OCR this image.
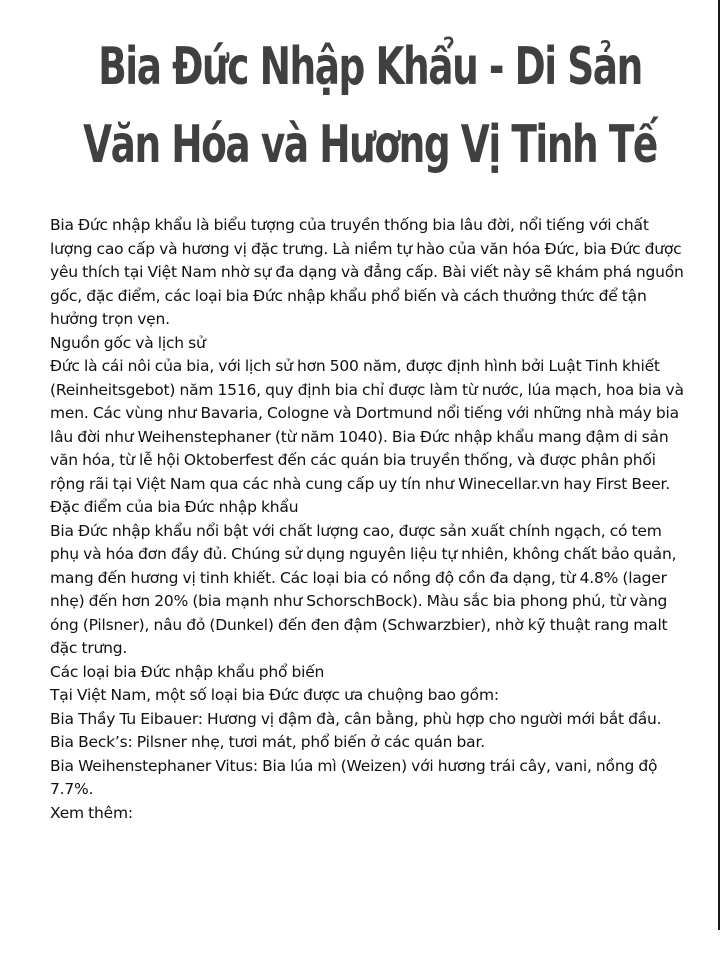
Bia Đức Nhập Khẩu - Di Sản Văn Hóa và Hương Vị Tinh Tế

Bia Đức nhập khẩu là biểu tượng của truyền thống bia lâu đời, nổi tiếng với chất lượng cao cấp và hương vị đặc trưng. Là niềm tự hào của văn hóa Đức, bia Đức được yêu thích tại Việt Nam nhờ sự đa dạng và đẳng cấp. Bài viết này sẽ khám phá nguồn gốc, đặc điểm, các loại bia Đức nhập khẩu phổ biến và cách thưởng thức để tận hưởng trọn vẹn.

Nguồn gốc và lịch sử

Đức là cái nôi của bia, với lịch sử hơn 500 năm, được định hình bởi Luật Tinh khiết (Reinheitsgebot) năm 1516, quy định bia chỉ được làm từ nước, lúa mạch, hoa bia và men. Các vùng như Bavaria, Cologne và Dortmund nổi tiếng với những nhà máy bia lâu đời như Weihenstephaner (từ năm 1040). Bia Đức nhập khẩu mang đậm di sản văn hóa, từ lễ hội Oktoberfest đến các quán bia truyền thống, và được phân phối rộng rãi tại Việt Nam qua các nhà cung cấp uy tín như Winecellar.vn hay First Beer.

Đặc điểm của bia Đức nhập khẩu

Bia Đức nhập khẩu nổi bật với chất lượng cao, được sản xuất chính ngạch, có tem phụ và hóa đơn đầy đủ. Chúng sử dụng nguyên liệu tự nhiên, không chất bảo quản, mang đến hương vị tinh khiết. Các loại bia có nồng độ cồn đa dạng, từ 4.8% (lager nhẹ) đến hơn 20% (bia mạnh như SchorschBock). Màu sắc bia phong phú, từ vàng óng (Pilsner), nâu đỏ (Dunkel) đến đen đậm (Schwarzbier), nhờ kỹ thuật rang malt đặc trưng.

Các loại bia Đức nhập khẩu phổ biến

Tại Việt Nam, một số loại bia Đức được ưa chuộng bao gồm:

Bia Thầy Tu Eibauer: Hương vị đậm đà, cân bằng, phù hợp cho người mới bắt đầu.

Bia Beck’s: Pilsner nhẹ, tươi mát, phổ biến ở các quán bar.

Bia Weihenstephaner Vitus: Bia lúa mì (Weizen) với hương trái cây, vani, nồng độ 7.7%.

Xem thêm:
